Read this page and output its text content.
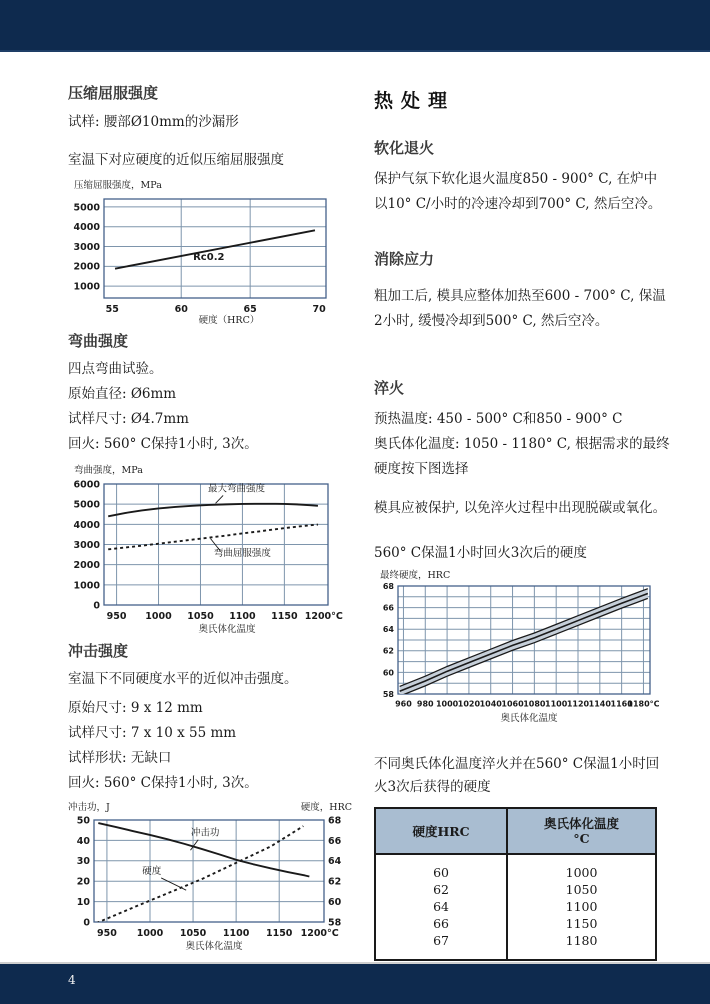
压缩屈服强度

试样: 腰部Ø10mm的沙漏形

室温下对应硬度的近似压缩屈服强度

压缩屈服强度，MPa
Rc0.2
55	60	65	70
1000
2000
3000
4000
5000
硬度（HRC）
弯曲强度

四点弯曲试验。

原始直径: Ø6mm

试样尺寸: Ø4.7mm

回火: 560° C保持1小时, 3次。

弯曲强度，MPa
最大弯曲强度
弯曲屈服强度
950 1000 1050 1100 1150 1200°C
0
1000
2000
3000
4000
5000
6000
奥氏体化温度
冲击强度

室温下不同硬度水平的近似冲击强度。

原始尺寸: 9 x 12 mm

试样尺寸: 7 x 10 x 55 mm

试样形状: 无缺口

回火: 560° C保持1小时, 3次。

冲击功，J	硬度，HRC
冲击功
硬度
950 1000 1050 1100 1150 1200°C
0
10
20
30
40
50
58
60
62
64
66
68
奥氏体化温度
热处理
软化退火

保护气氛下软化退火温度850 - 900° C, 在炉中以10° C/小时的冷速冷却到700° C, 然后空冷。

消除应力

粗加工后, 模具应整体加热至600 - 700° C, 保温2小时, 缓慢冷却到500° C, 然后空冷。

淬火

预热温度: 450 - 500° C和850 - 900° C

奥氏体化温度: 1050 - 1180° C, 根据需求的最终硬度按下图选择

模具应被保护, 以免淬火过程中出现脱碳或氧化。

560° C保温1小时回火3次后的硬度

最终硬度，HRC
960 980 1000 1020 1040 1060 1080 1100 1120 1140 1160
1180°C
58
60
62
64
66
68
奥氏体化温度

不同奥氏体化温度淬火并在560° C保温1小时回火3次后获得的硬度

硬度HRC	奥氏体化温度
°C

60	1000
62	1050
64	1100
66	1150
67	1180
4
